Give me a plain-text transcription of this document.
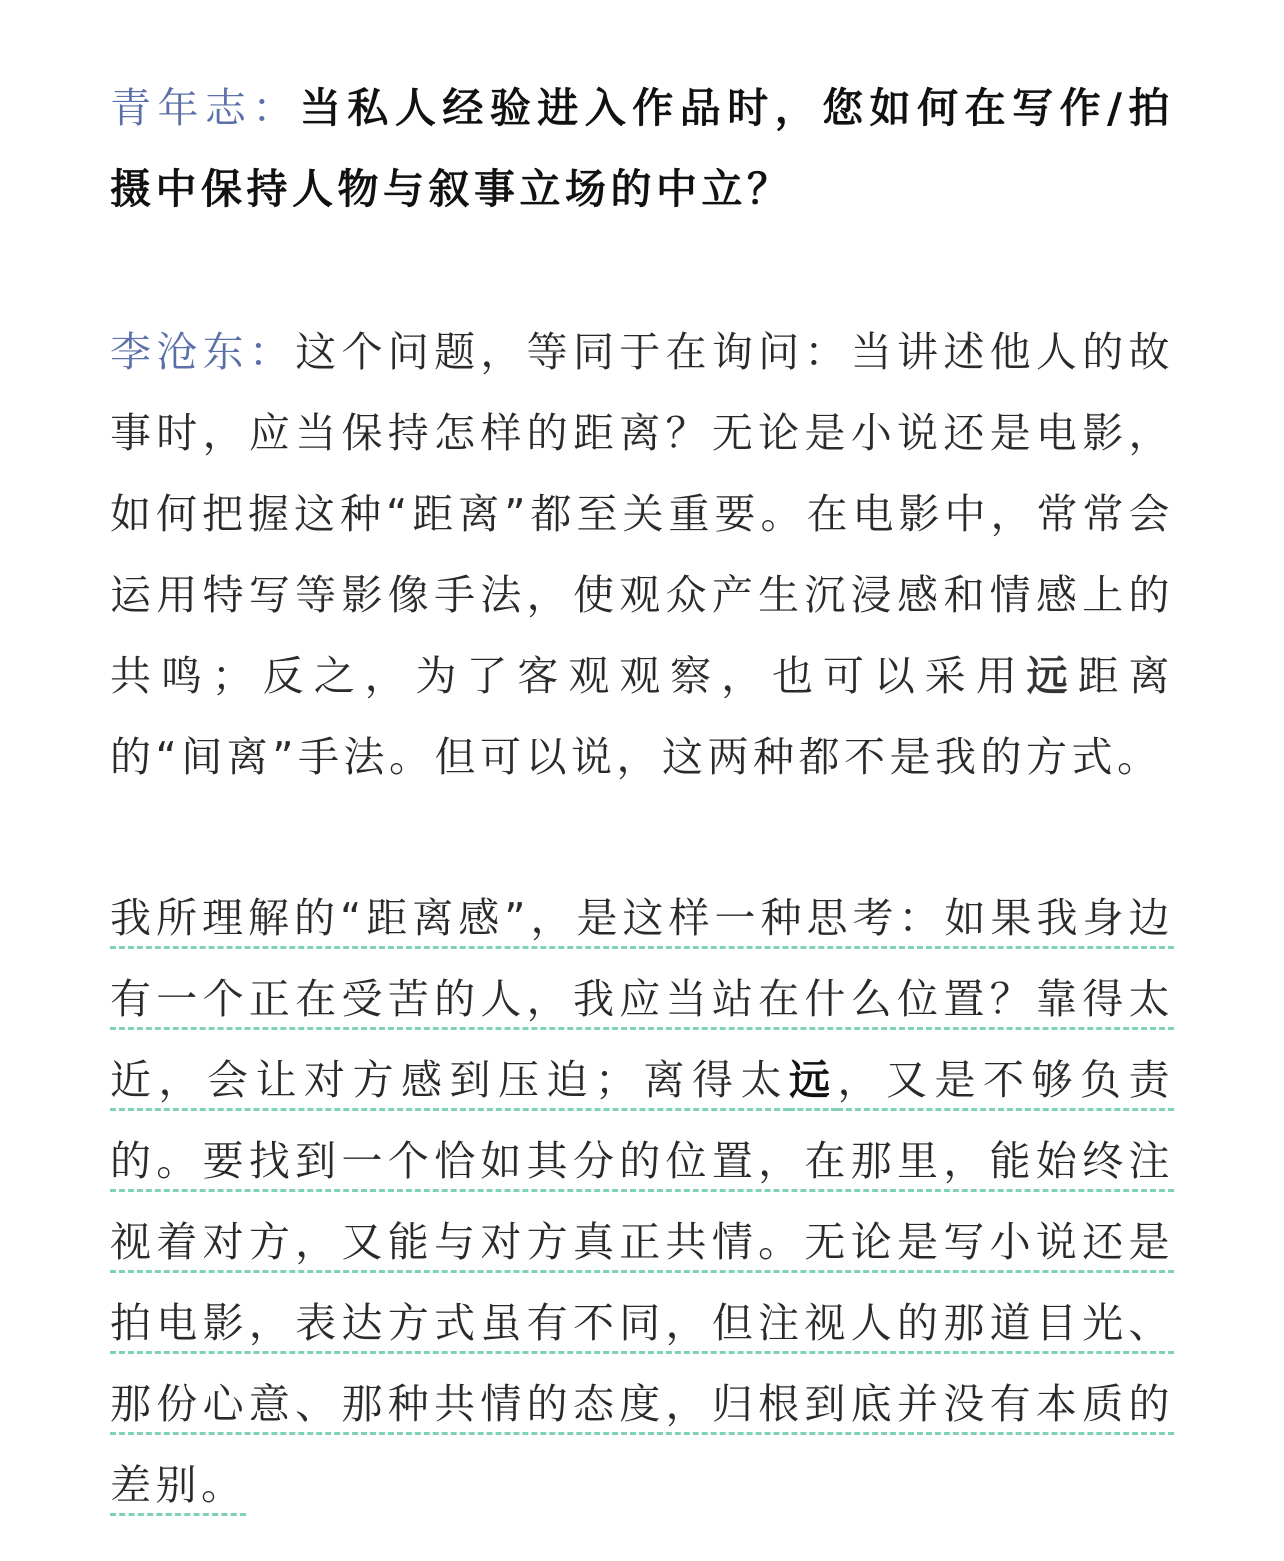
青年志：当私人经验进入作品时，您如何在写作/拍摄中保持人物与叙事立场的中立？

李沧东：这个问题，等同于在询问：当讲述他人的故事时，应当保持怎样的距离？无论是小说还是电影，如何把握这种“距离”都至关重要。在电影中，常常会运用特写等影像手法，使观众产生沉浸感和情感上的共鸣；反之，为了客观观察，也可以采用远距离的“间离”手法。但可以说，这两种都不是我的方式。

我所理解的“距离感”，是这样一种思考：如果我身边有一个正在受苦的人，我应当站在什么位置？靠得太近，会让对方感到压迫；离得太远，又是不够负责的。要找到一个恰如其分的位置，在那里，能始终注视着对方，又能与对方真正共情。无论是写小说还是拍电影，表达方式虽有不同，但注视人的那道目光、那份心意、那种共情的态度，归根到底并没有本质的差别。
